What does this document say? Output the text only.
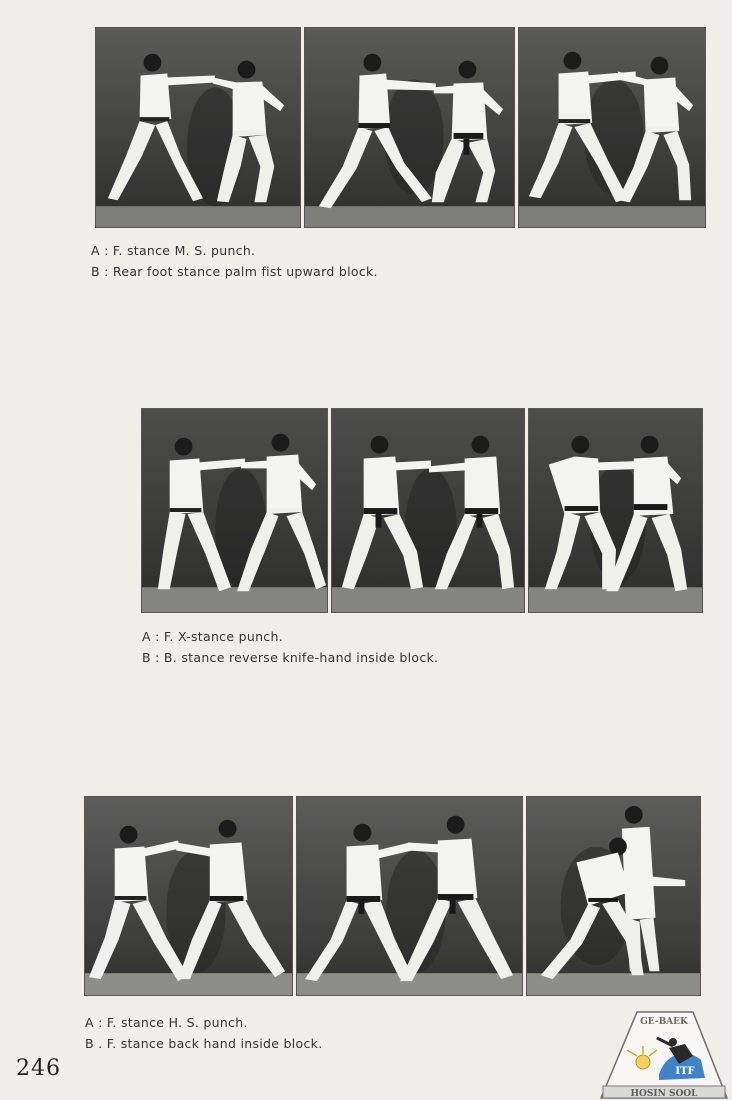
A : F. stance M. S. punch.
B : Rear foot stance palm fist upward block.
A : F. X-stance punch.
B : B. stance reverse knife-hand inside block.
A : F. stance H. S. punch.
B . F. stance back hand inside block.
246
GE-BAEK
ITF
HOSIN SOOL
